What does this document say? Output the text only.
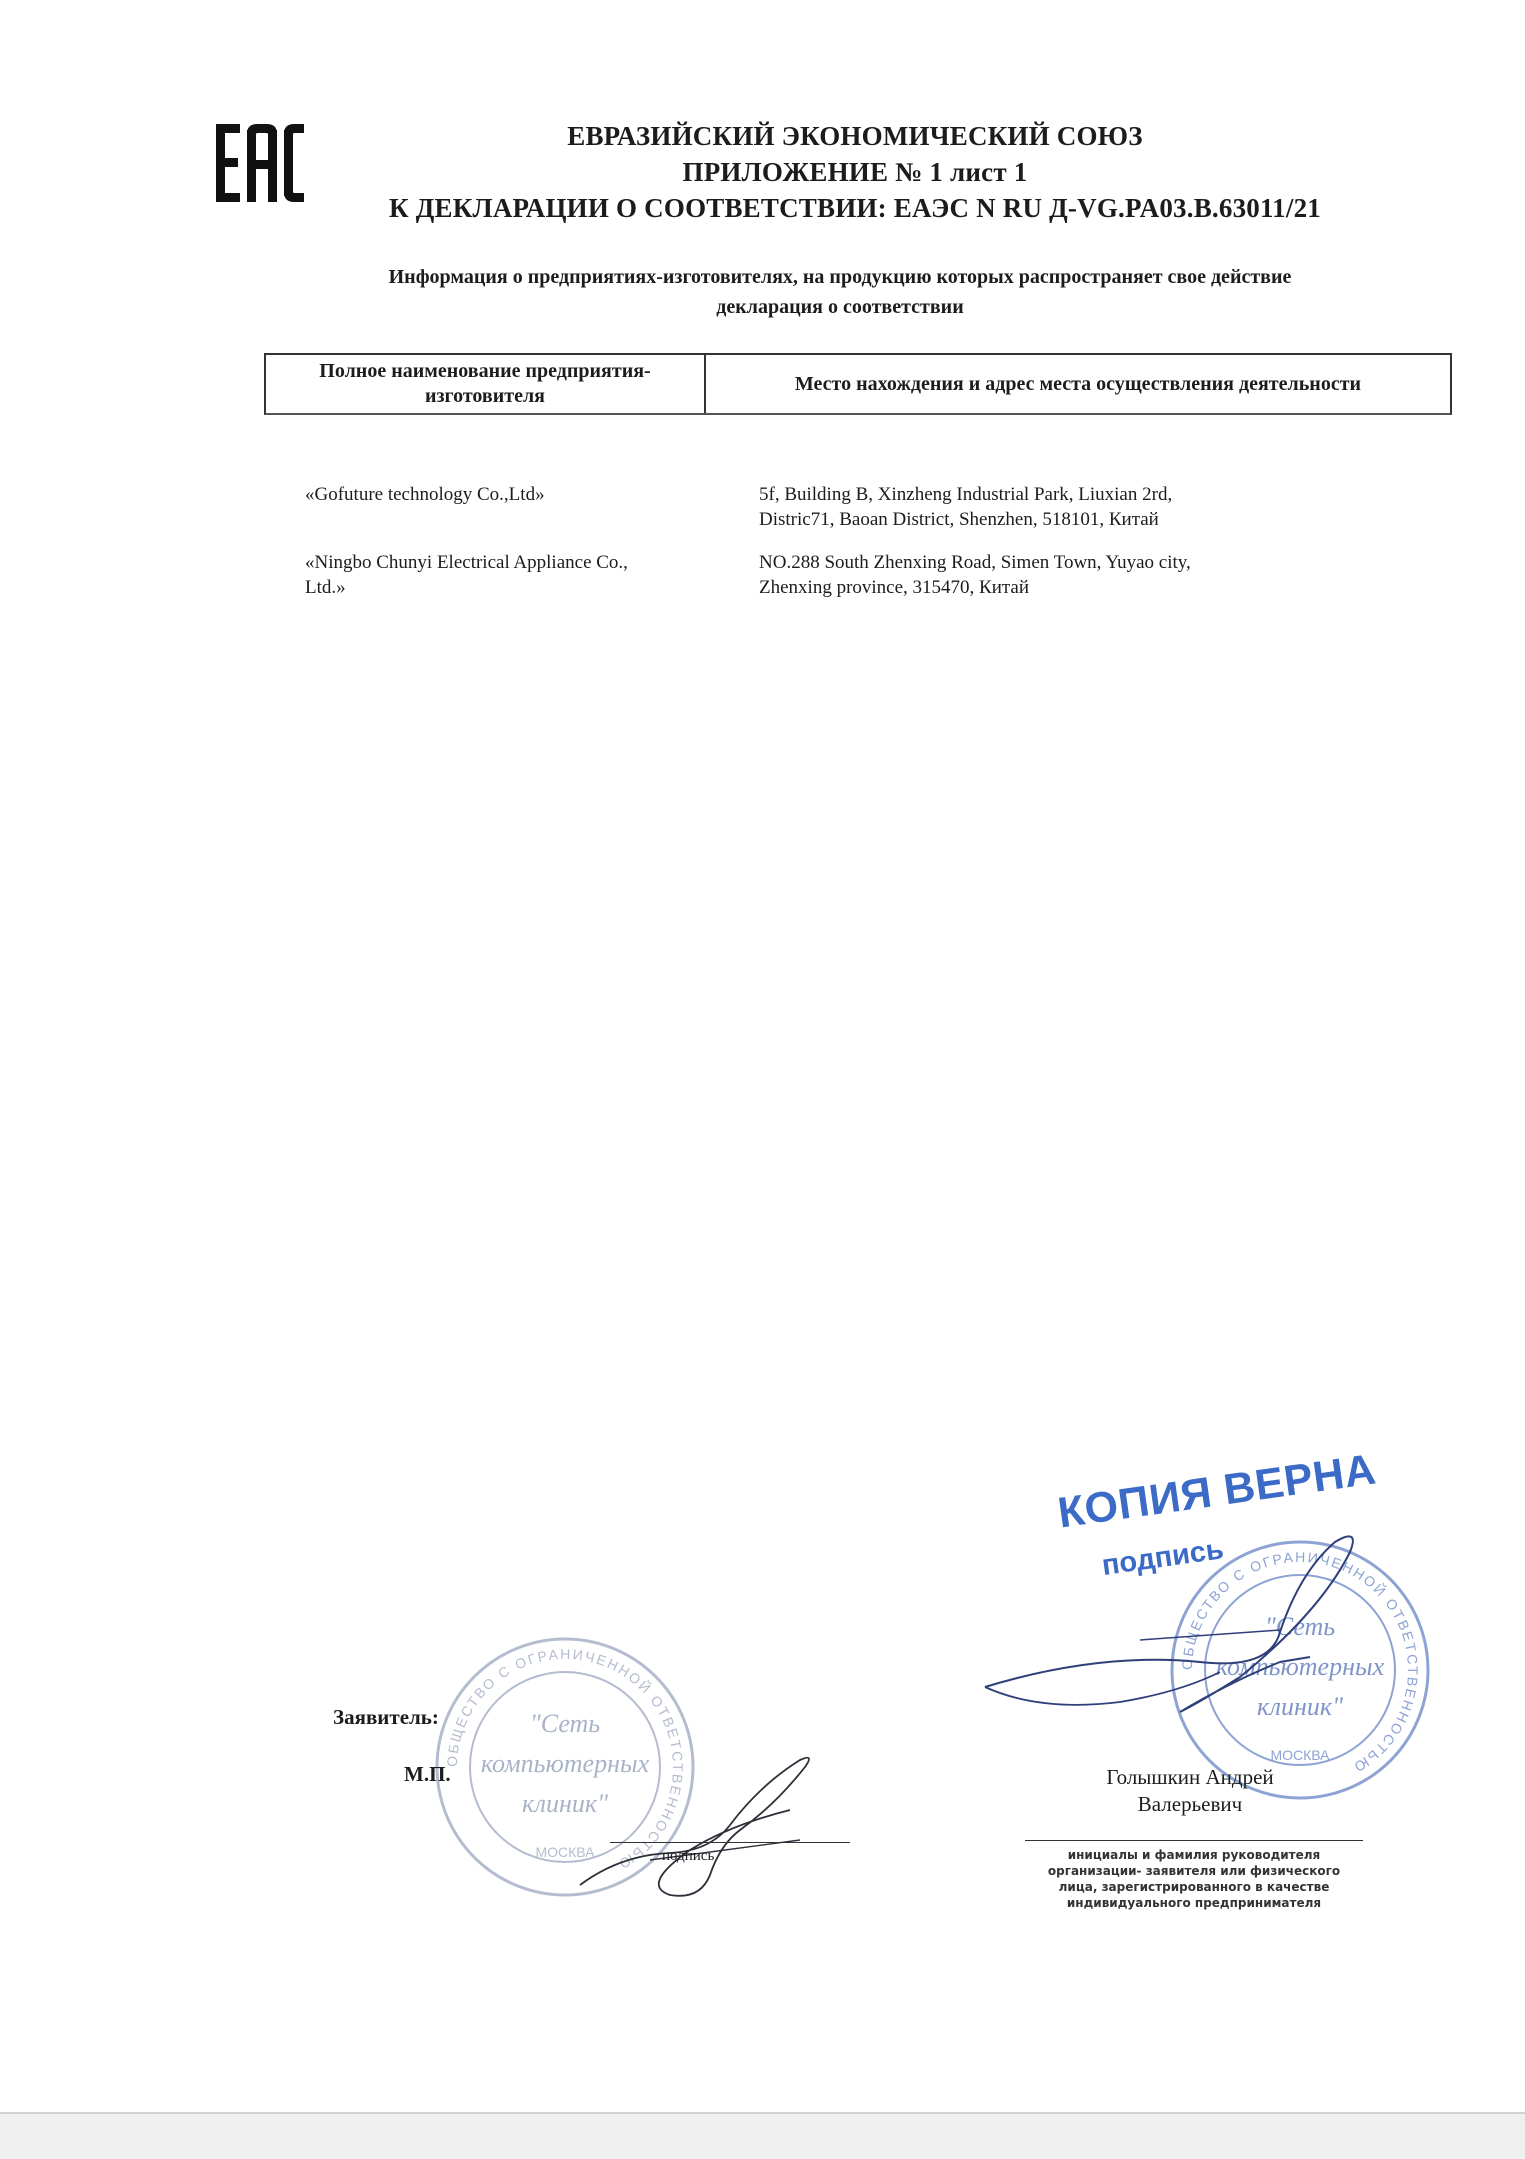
ЕВРАЗИЙСКИЙ ЭКОНОМИЧЕСКИЙ СОЮЗ
ПРИЛОЖЕНИЕ № 1 лист 1
К ДЕКЛАРАЦИИ О СООТВЕТСТВИИ: ЕАЭС N RU Д-VG.PA03.B.63011/21
Информация о предприятиях-изготовителях, на продукцию которых распространяет свое действие
декларация о соответствии
Полное наименование предприятия-изготовителя
Место нахождения и адрес места осуществления деятельности
«Gofuture technology Co.,Ltd»	5f, Building B, Xinzheng Industrial Park, Liuxian 2rd,
Distric71, Baoan District, Shenzhen, 518101, Китай
«Ningbo Chunyi Electrical Appliance Co.,
Ltd.»
NO.288 South Zhenxing Road, Simen Town, Yuyao city,
Zhenxing province, 315470, Китай
ОБЩЕСТВО С ОГРАНИЧЕННОЙ ОТВЕТСТВЕННОСТЬЮ
"Сеть
компьютерных
клиник"
МОСКВА
ОБЩЕСТВО С ОГРАНИЧЕННОЙ ОТВЕТСТВЕННОСТЬЮ
"Сеть
компьютерных
клиник"
МОСКВА
КОПИЯ ВЕРНА
подпись
Заявитель:
М.П.
подпись
Голышкин Андрей
Валерьевич
инициалы и фамилия руководителя
организации- заявителя или физического
лица, зарегистрированного в качестве
индивидуального предпринимателя
